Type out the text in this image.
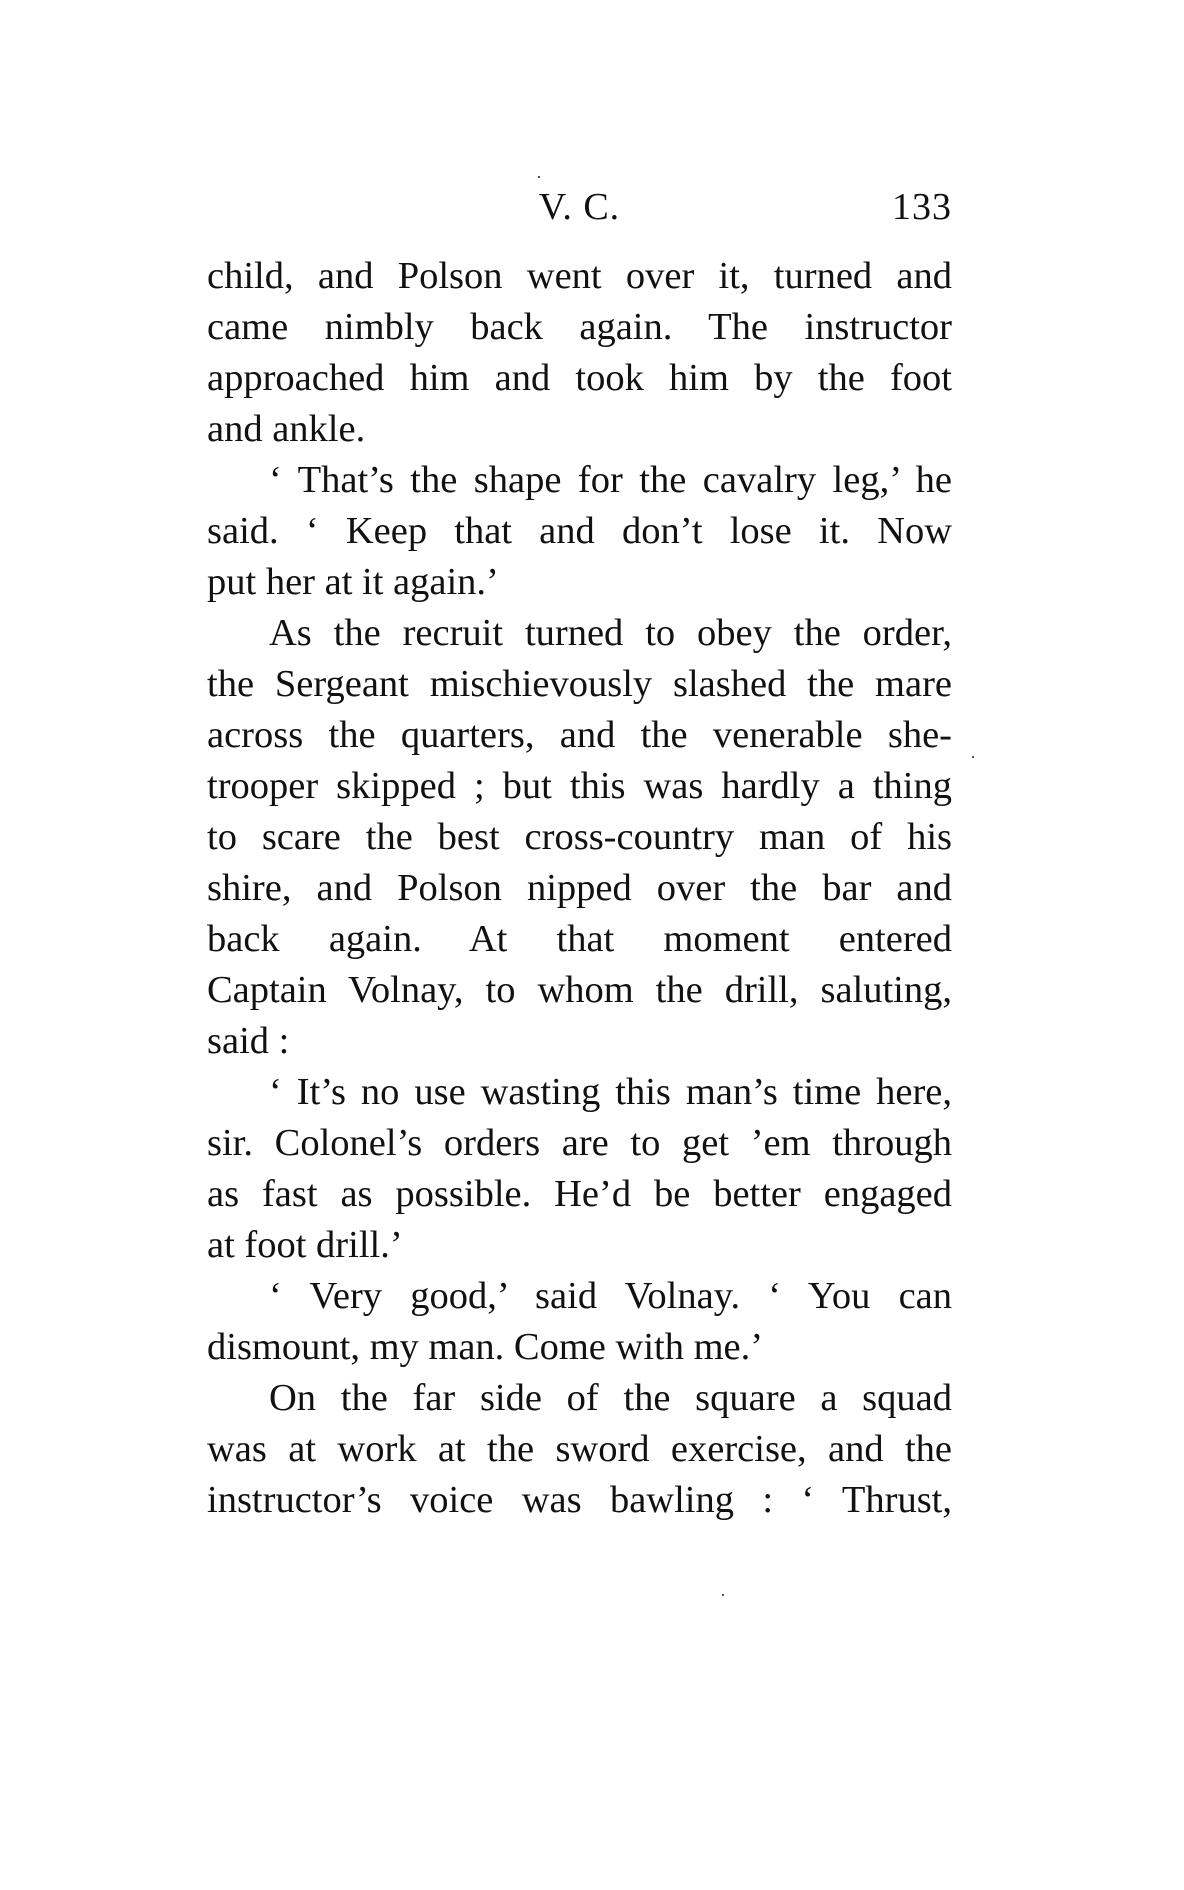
V. C.	133
child, and Polson went over it, turned and
came nimbly back again. The instructor
approached him and took him by the foot
and ankle.
‘ That’s the shape for the cavalry leg,’ he
said. ‘ Keep that and don’t lose it. Now
put her at it again.’
As the recruit turned to obey the order,
the Sergeant mischievously slashed the mare
across the quarters, and the venerable she-
trooper skipped ; but this was hardly a thing
to scare the best cross-country man of his
shire, and Polson nipped over the bar and
back again. At that moment entered
Captain Volnay, to whom the drill, saluting,
said :
‘ It’s no use wasting this man’s time here,
sir. Colonel’s orders are to get ’em through
as fast as possible. He’d be better engaged
at foot drill.’
‘ Very good,’ said Volnay. ‘ You can
dismount, my man. Come with me.’
On the far side of the square a squad
was at work at the sword exercise, and the
instructor’s voice was bawling : ‘ Thrust,
